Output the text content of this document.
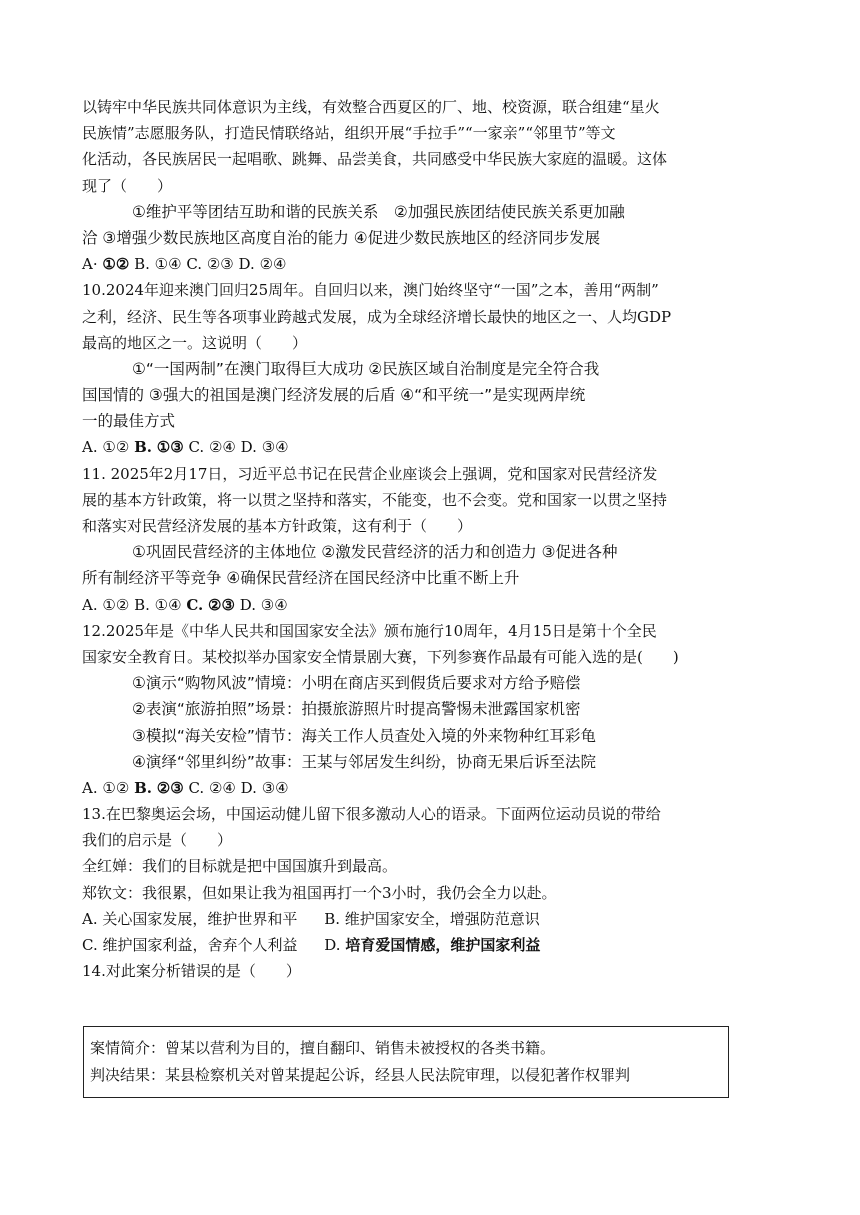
以铸牢中华民族共同体意识为主线，有效整合西夏区的厂、地、校资源，联合组建“星火
民族情”志愿服务队，打造民情联络站，组织开展“手拉手”“一家亲”“邻里节”等文
化活动，各民族居民一起唱歌、跳舞、品尝美食，共同感受中华民族大家庭的温暖。这体
现了（　　）
①维护平等团结互助和谐的民族关系　②加强民族团结使民族关系更加融
洽 ③增强少数民族地区高度自治的能力 ④促进少数民族地区的经济同步发展
A· ①② B. ①④ C. ②③ D. ②④
10.2024年迎来澳门回归25周年。自回归以来，澳门始终坚守“一国”之本，善用“两制”
之利，经济、民生等各项事业跨越式发展，成为全球经济增长最快的地区之一、人均GDP
最高的地区之一。这说明（　　）
①“一国两制”在澳门取得巨大成功 ②民族区域自治制度是完全符合我
国国情的 ③强大的祖国是澳门经济发展的后盾 ④“和平统一”是实现两岸统
一的最佳方式
A. ①② B. ①③ C. ②④ D. ③④
11. 2025年2月17日，习近平总书记在民营企业座谈会上强调，党和国家对民营经济发
展的基本方针政策，将一以贯之坚持和落实，不能变，也不会变。党和国家一以贯之坚持
和落实对民营经济发展的基本方针政策，这有利于（　　）
①巩固民营经济的主体地位 ②激发民营经济的活力和创造力 ③促进各种
所有制经济平等竞争 ④确保民营经济在国民经济中比重不断上升
A. ①② B. ①④ C. ②③ D. ③④
12.2025年是《中华人民共和国国家安全法》颁布施行10周年，4月15日是第十个全民
国家安全教育日。某校拟举办国家安全情景剧大赛，下列参赛作品最有可能入选的是(　　)
①演示“购物风波”情境：小明在商店买到假货后要求对方给予赔偿
②表演“旅游拍照”场景：拍摄旅游照片时提高警惕未泄露国家机密
③模拟“海关安检”情节：海关工作人员查处入境的外来物种红耳彩龟
④演绎“邻里纠纷”故事：王某与邻居发生纠纷，协商无果后诉至法院
A. ①② B. ②③ C. ②④ D. ③④
13.在巴黎奥运会场，中国运动健儿留下很多激动人心的语录。下面两位运动员说的带给
我们的启示是（　　）
全红婵：我们的目标就是把中国国旗升到最高。
郑钦文：我很累，但如果让我为祖国再打一个3小时，我仍会全力以赴。
A. 关心国家发展，维护世界和平 B. 维护国家安全，增强防范意识
C. 维护国家利益，舍弃个人利益 D. 培育爱国情感，维护国家利益
14.对此案分析错误的是（　　）
案情简介：曾某以营利为目的，擅自翻印、销售未被授权的各类书籍。
判决结果：某县检察机关对曾某提起公诉，经县人民法院审理，以侵犯著作权罪判
